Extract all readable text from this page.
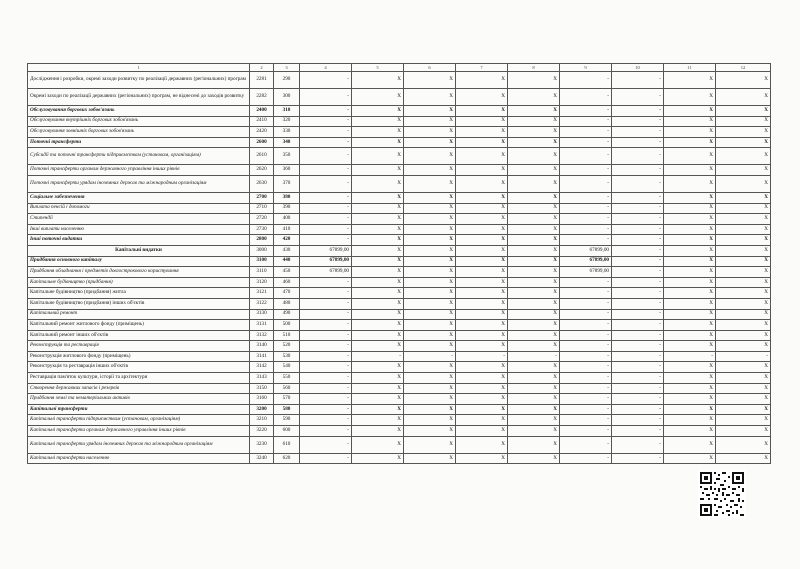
1	2	3	4	5	6	7	8	9	10	11	12
Дослідження і розробки, окремі заходи розвитку по реалізації державних (регіональних) програм	2281	290	-	X	X	X	X	-	-	X	X
Окремі заходи по реалізації державних (регіональних) програм, не віднесені до заходів розвитку	2282	300	-	X	X	X	X	-	-	X	X
Обслуговування боргових зобов'язань	2400	310	-	X	X	X	X	-	-	X	X
Обслуговування внутрішніх боргових зобов'язань	2410	320	-	X	X	X	X	-	-	X	X
Обслуговування зовнішніх боргових зобов'язань	2420	330	-	X	X	X	X	-	-	X	X
Поточні трансферти	2600	340	-	X	X	X	X	-	-	X	X
Субсидії та поточні трансферти підприємствам (установам, організаціям)	2610	350	-	X	X	X	X	-	-	X	X
Поточні трансферти органам державного управління інших рівнів	2620	360	-	X	X	X	X	-	-	X	X
Поточні трансферти урядам іноземних держав та міжнародним організаціям	2630	370	-	X	X	X	X	-	-	X	X
Соціальне забезпечення	2700	380	-	X	X	X	X	-	-	X	X
Виплата пенсій і допомоги	2710	390	-	X	X	X	X	-	-	X	X
Стипендії	2720	400	-	X	X	X	X	-	-	X	X
Інші виплати населенню	2730	410	-	X	X	X	X	-	-	X	X
Інші поточні видатки	2800	420	-	X	X	X	X	-	-	X	X
Капітальні видатки	3000	430	67899,00	X	X	X	X	67899,00	-	X	X
Придбання основного капіталу	3100	440	67899,00	X	X	X	X	67899,00	-	X	X
Придбання обладнання і предметів довгострокового користування	3110	450	67899,00	X	X	X	X	67899,00	-	X	X
Капітальне будівництво (придбання)	3120	460	-	X	X	X	X	-	-	X	X
Капітальне будівництво (придбання) житла	3121	470	-	X	X	X	X	-	-	X	X
Капітальне будівництво (придбання) інших об'єктів	3122	480	-	X	X	X	X	-	-	X	X
Капітальний ремонт	3130	490	-	X	X	X	X	-	-	X	X
Капітальний ремонт житлового фонду (приміщень)	3131	500	-	X	X	X	X	-	-	X	X
Капітальний ремонт інших об'єктів	3132	510	-	X	X	X	X	-	-	X	X
Реконструкція та реставрація	3140	520	-	X	X	X	X	-	-	X	X
Реконструкція житлового фонду (приміщень)	3141	530	-	-	-	-	-	-	-	-	-
Реконструкція та реставрація інших об'єктів	3142	540	-	X	X	X	X	-	-	X	X
Реставрація пам'яток культури, історії та архітектури	3143	550	-	X	X	X	X	-	-	X	X
Створення державних запасів і резервів	3150	560	-	X	X	X	X	-	-	X	X
Придбання землі та нематеріальних активів	3160	570	-	X	X	X	X	-	-	X	X
Капітальні трансферти	3200	580	-	X	X	X	X	-	-	X	X
Капітальні трансферти підприємствам (установам, організаціям)	3210	590	-	X	X	X	X	-	-	X	X
Капітальні трансферти органам державного управління інших рівнів	3220	600	-	X	X	X	X	-	-	X	X
Капітальні трансферти урядам іноземних держав та міжнародним організаціям	3230	610	-	X	X	X	X	-	-	X	X
Капітальні трансферти населенню	3240	620	-	X	X	X	X	-	-	X	X
